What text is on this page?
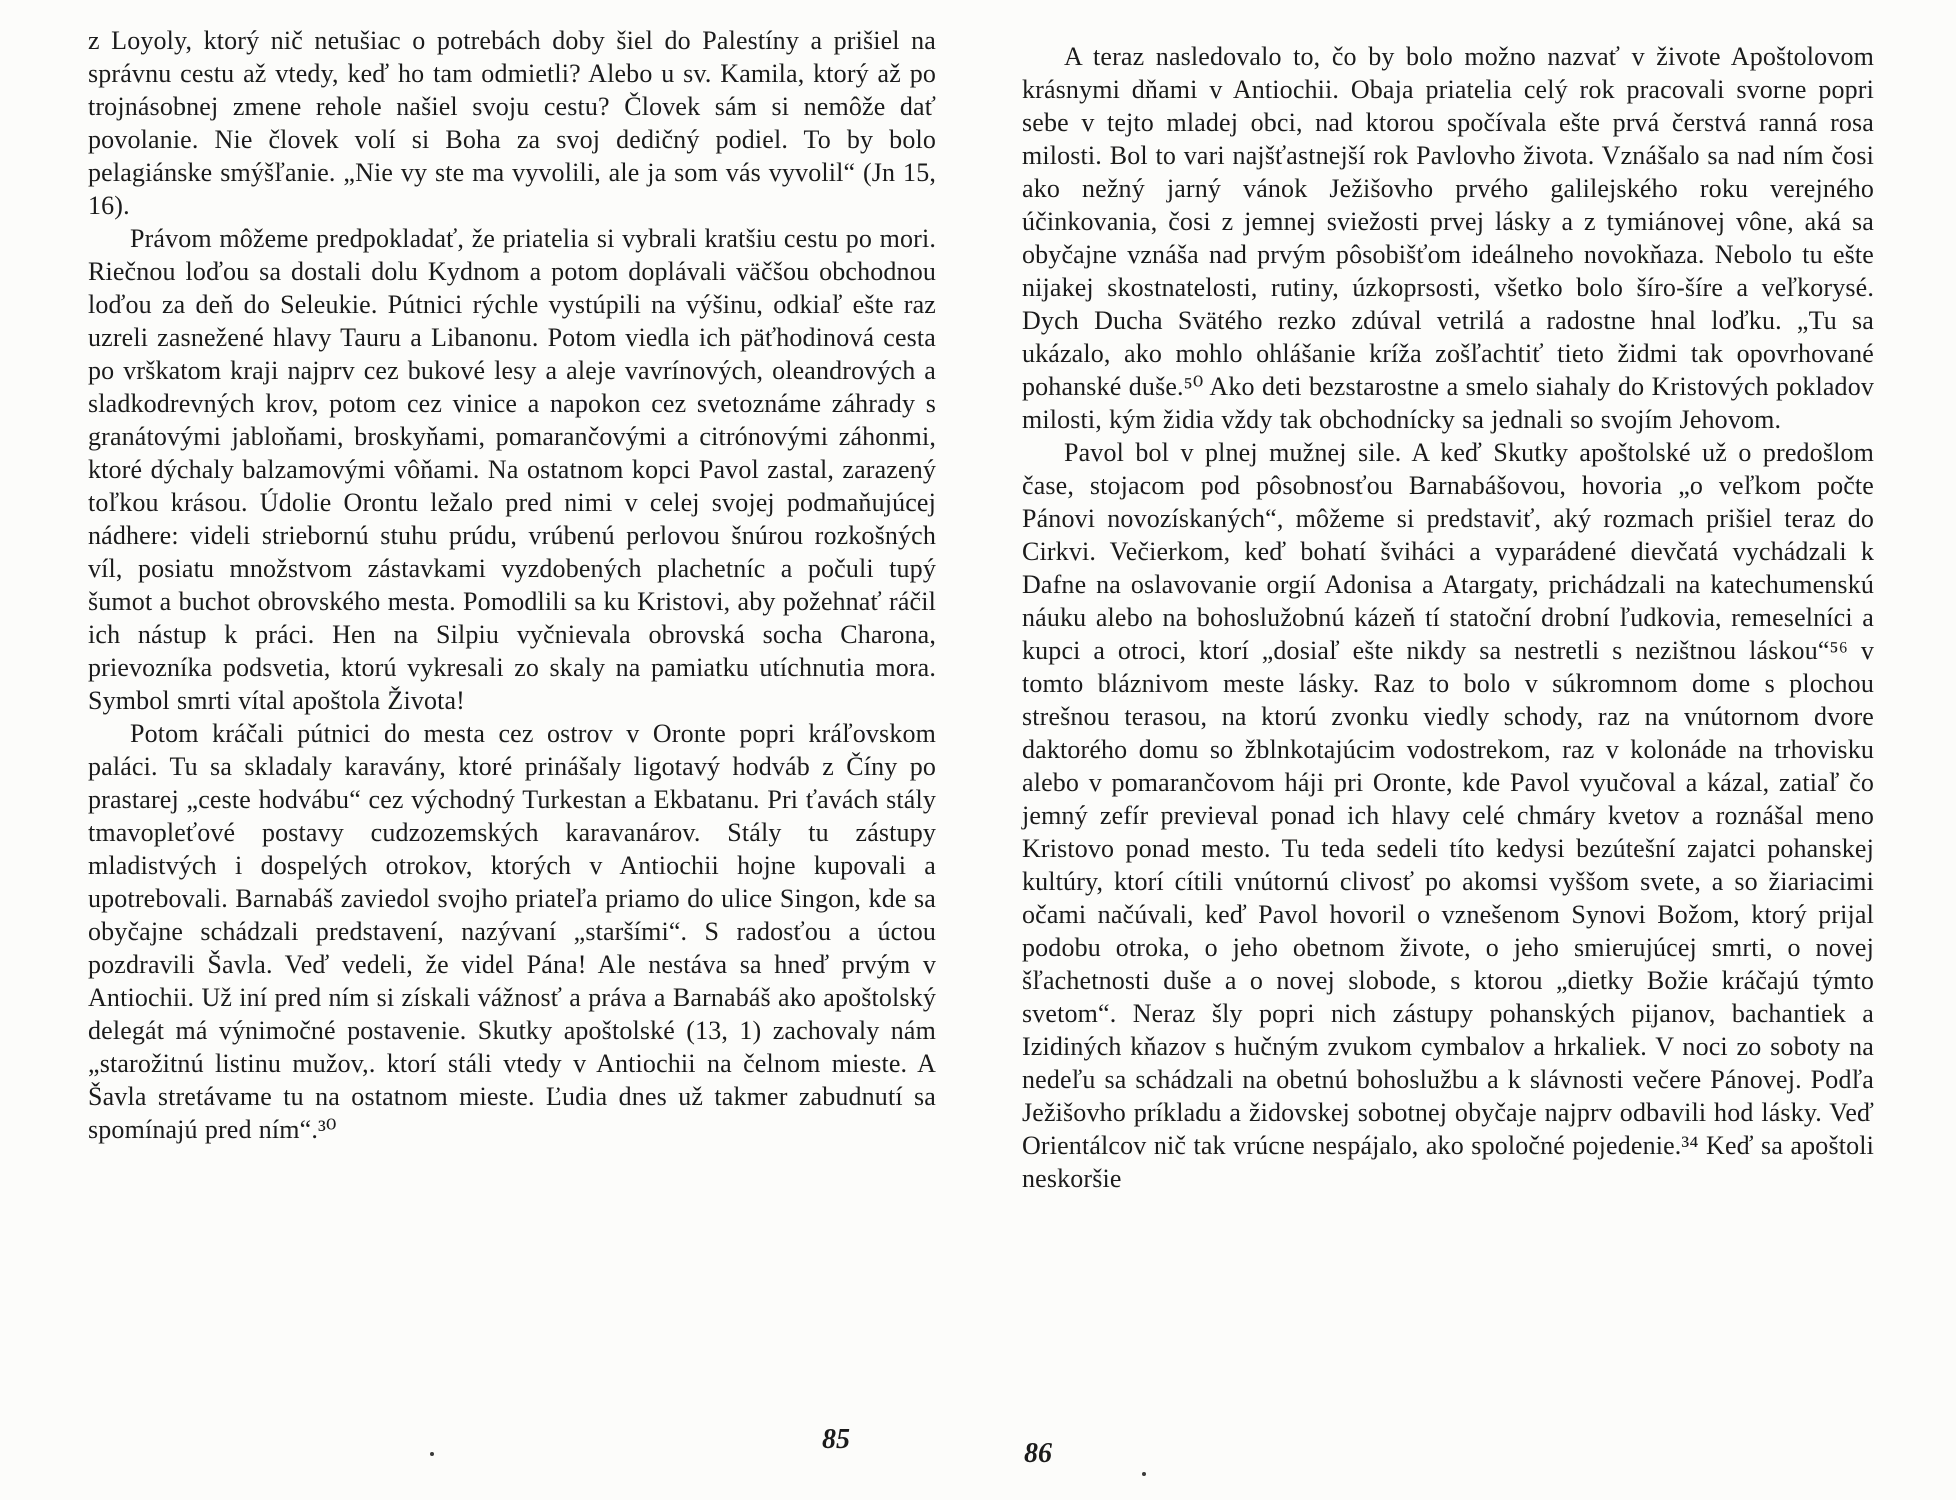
z Loyoly, ktorý nič netušiac o potrebách doby šiel do Palestíny a prišiel na správnu cestu až vtedy, keď ho tam odmietli? Alebo u sv. Kamila, ktorý až po trojnásobnej zmene rehole našiel svoju cestu? Človek sám si nemôže dať povolanie. Nie človek volí si Boha za svoj dedičný podiel. To by bolo pelagiánske smýšľanie. „Nie vy ste ma vyvolili, ale ja som vás vyvolil“ (Jn 15, 16).

Právom môžeme predpokladať, že priatelia si vybrali kratšiu cestu po mori. Riečnou loďou sa dostali dolu Kydnom a potom doplávali väčšou obchodnou loďou za deň do Seleukie. Pútnici rýchle vystúpili na výšinu, odkiaľ ešte raz uzreli zasnežené hlavy Tauru a Libanonu. Potom viedla ich päťhodinová cesta po vrškatom kraji najprv cez bukové lesy a aleje vavrínových, oleandrových a sladkodrevných krov, potom cez vinice a napokon cez svetoznáme záhrady s granátovými jabloňami, broskyňami, pomarančovými a citrónovými záhonmi, ktoré dýchaly balzamovými vôňami. Na ostatnom kopci Pavol zastal, zarazený toľkou krásou. Údolie Orontu ležalo pred nimi v celej svojej podmaňujúcej nádhere: videli striebornú stuhu prúdu, vrúbenú perlovou šnúrou rozkošných víl, posiatu množstvom zástavkami vyzdobených plachetníc a počuli tupý šumot a buchot obrovského mesta. Pomodlili sa ku Kristovi, aby požehnať ráčil ich nástup k práci. Hen na Silpiu vyčnievala obrovská socha Charona, prievozníka podsvetia, ktorú vykresali zo skaly na pamiatku utíchnutia mora. Symbol smrti vítal apoštola Života!

Potom kráčali pútnici do mesta cez ostrov v Oronte popri kráľovskom paláci. Tu sa skladaly karavány, ktoré prinášaly ligotavý hodváb z Číny po prastarej „ceste hodvábu“ cez východný Turkestan a Ekbatanu. Pri ťavách stály tmavopleťové postavy cudzozemských karavanárov. Stály tu zástupy mladistvých i dospelých otrokov, ktorých v Antiochii hojne kupovali a upotrebovali. Barnabáš zaviedol svojho priateľa priamo do ulice Singon, kde sa obyčajne schádzali predstavení, nazývaní „staršími“. S radosťou a úctou pozdravili Šavla. Veď vedeli, že videl Pána! Ale nestáva sa hneď prvým v Antiochii. Už iní pred ním si získali vážnosť a práva a Barnabáš ako apoštolský delegát má výnimočné postavenie. Skutky apoštolské (13, 1) zachovaly nám „starožitnú listinu mužov,. ktorí stáli vtedy v Antiochii na čelnom mieste. A Šavla stretávame tu na ostatnom mieste. Ľudia dnes už takmer zabudnutí sa spomínajú pred ním“.³⁰

A teraz nasledovalo to, čo by bolo možno nazvať v živote Apoštolovom krásnymi dňami v Antiochii. Obaja priatelia celý rok pracovali svorne popri sebe v tejto mladej obci, nad ktorou spočívala ešte prvá čerstvá ranná rosa milosti. Bol to vari najšťastnejší rok Pavlovho života. Vznášalo sa nad ním čosi ako nežný jarný vánok Ježišovho prvého galilejského roku verejného účinkovania, čosi z jemnej sviežosti prvej lásky a z tymiánovej vône, aká sa obyčajne vznáša nad prvým pôsobišťom ideálneho novokňaza. Nebolo tu ešte nijakej skostnatelosti, rutiny, úzkoprsosti, všetko bolo šíro-šíre a veľkorysé. Dych Ducha Svätého rezko zdúval vetrilá a radostne hnal loďku. „Tu sa ukázalo, ako mohlo ohlášanie kríža zošľachtiť tieto židmi tak opovrhované pohanské duše.⁵⁰ Ako deti bezstarostne a smelo siahaly do Kristových pokladov milosti, kým židia vždy tak obchodnícky sa jednali so svojím Jehovom.

Pavol bol v plnej mužnej sile. A keď Skutky apoštolské už o predošlom čase, stojacom pod pôsobnosťou Barnabášovou, hovoria „o veľkom počte Pánovi novozískaných“, môžeme si predstaviť, aký rozmach prišiel teraz do Cirkvi. Večierkom, keď bohatí šviháci a vyparádené dievčatá vychádzali k Dafne na oslavovanie orgií Adonisa a Atargaty, prichádzali na katechumenskú náuku alebo na bohoslužobnú kázeň tí statoční drobní ľudkovia, remeselníci a kupci a otroci, ktorí „dosiaľ ešte nikdy sa nestretli s nezištnou láskou“⁵⁶ v tomto bláznivom meste lásky. Raz to bolo v súkromnom dome s plochou strešnou terasou, na ktorú zvonku viedly schody, raz na vnútornom dvore daktorého domu so žblnkotajúcim vodostrekom, raz v kolonáde na trhovisku alebo v pomarančovom háji pri Oronte, kde Pavol vyučoval a kázal, zatiaľ čo jemný zefír previeval ponad ich hlavy celé chmáry kvetov a roznášal meno Kristovo ponad mesto. Tu teda sedeli títo kedysi bezútešní zajatci pohanskej kultúry, ktorí cítili vnútornú clivosť po akomsi vyššom svete, a so žiariacimi očami načúvali, keď Pavol hovoril o vznešenom Synovi Božom, ktorý prijal podobu otroka, o jeho obetnom živote, o jeho smierujúcej smrti, o novej šľachetnosti duše a o novej slobode, s ktorou „dietky Božie kráčajú týmto svetom“. Neraz šly popri nich zástupy pohanských pijanov, bachantiek a Izidiných kňazov s hučným zvukom cymbalov a hrkaliek. V noci zo soboty na nedeľu sa schádzali na obetnú bohoslužbu a k slávnosti večere Pánovej. Podľa Ježišovho príkladu a židovskej sobotnej obyčaje najprv odbavili hod lásky. Veď Orientálcov nič tak vrúcne nespájalo, ako spoločné pojedenie.³⁴ Keď sa apoštoli neskoršie

85	86
